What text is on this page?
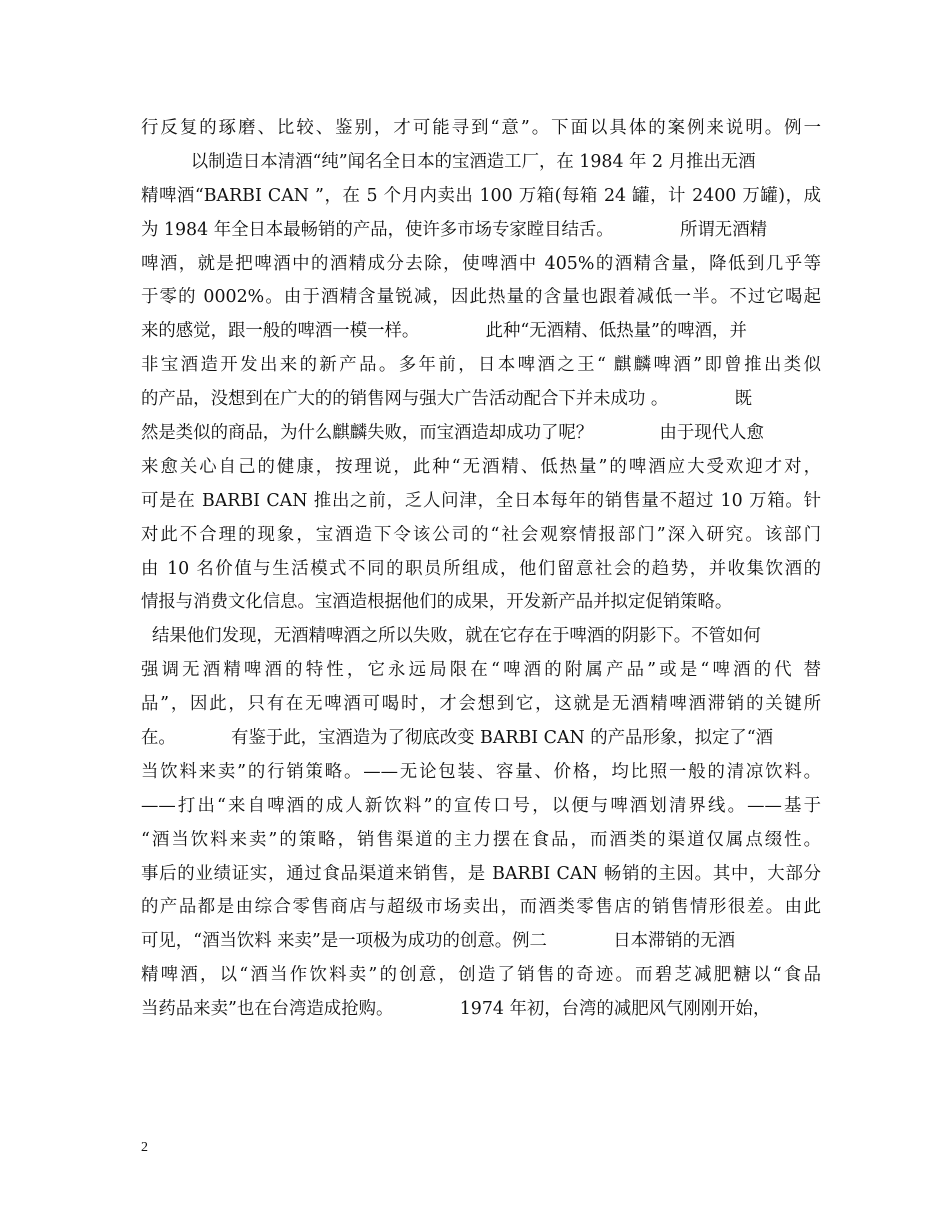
行反复的琢磨、比较、鉴别，才可能寻到“意”。下面以具体的案例来说明。例一
以制造日本清酒“纯”闻名全日本的宝酒造工厂，在 1984 年 2 月推出无酒
精啤酒“BARBI CAN ”，在 5 个月内卖出 100 万箱(每箱 24 罐，计 2400 万罐)，成
为 1984 年全日本最畅销的产品，使许多市场专家瞠目结舌。            所谓无酒精
啤酒，就是把啤酒中的酒精成分去除，使啤酒中 405%的酒精含量，降低到几乎等
于零的 0002%。由于酒精含量锐减，因此热量的含量也跟着减低一半。不过它喝起
来的感觉，跟一般的啤酒一模一样。            此种“无酒精、低热量”的啤酒，并
非宝酒造开发出来的新产品。多年前，日本啤酒之王“ 麒麟啤酒”即曾推出类似
的产品，没想到在广大的的销售网与强大广告活动配合下并未成功 。            既
然是类似的商品，为什么麒麟失败，而宝酒造却成功了呢？            由于现代人愈
来愈关心自己的健康，按理说，此种“无酒精、低热量”的啤酒应大受欢迎才对，
可是在 BARBI CAN 推出之前，乏人问津，全日本每年的销售量不超过 10 万箱。针
对此不合理的现象，宝酒造下令该公司的“社会观察情报部门”深入研究。该部门
由 10 名价值与生活模式不同的职员所组成，他们留意社会的趋势，并收集饮酒的
情报与消费文化信息。宝酒造根据他们的成果，开发新产品并拟定促销策略。
结果他们发现，无酒精啤酒之所以失败，就在它存在于啤酒的阴影下。不管如何
强调无酒精啤酒的特性，它永远局限在“啤酒的附属产品”或是“啤酒的代 替
品”，因此，只有在无啤酒可喝时，才会想到它，这就是无酒精啤酒滞销的关键所
在。          有鉴于此，宝酒造为了彻底改变 BARBI CAN 的产品形象，拟定了“酒
当饮料来卖”的行销策略。——无论包装、容量、价格，均比照一般的清凉饮料。
——打出“来自啤酒的成人新饮料”的宣传口号，以便与啤酒划清界线。——基于
“酒当饮料来卖”的策略，销售渠道的主力摆在食品，而酒类的渠道仅属点缀性。
事后的业绩证实，通过食品渠道来销售，是 BARBI CAN 畅销的主因。其中，大部分
的产品都是由综合零售商店与超级市场卖出，而酒类零售店的销售情形很差。由此
可见，“酒当饮料 来卖”是一项极为成功的创意。例二            日本滞销的无酒
精啤酒，以“酒当作饮料卖”的创意，创造了销售的奇迹。而碧芝减肥糖以“食品
当药品来卖”也在台湾造成抢购。            1974 年初，台湾的减肥风气刚刚开始，
2
